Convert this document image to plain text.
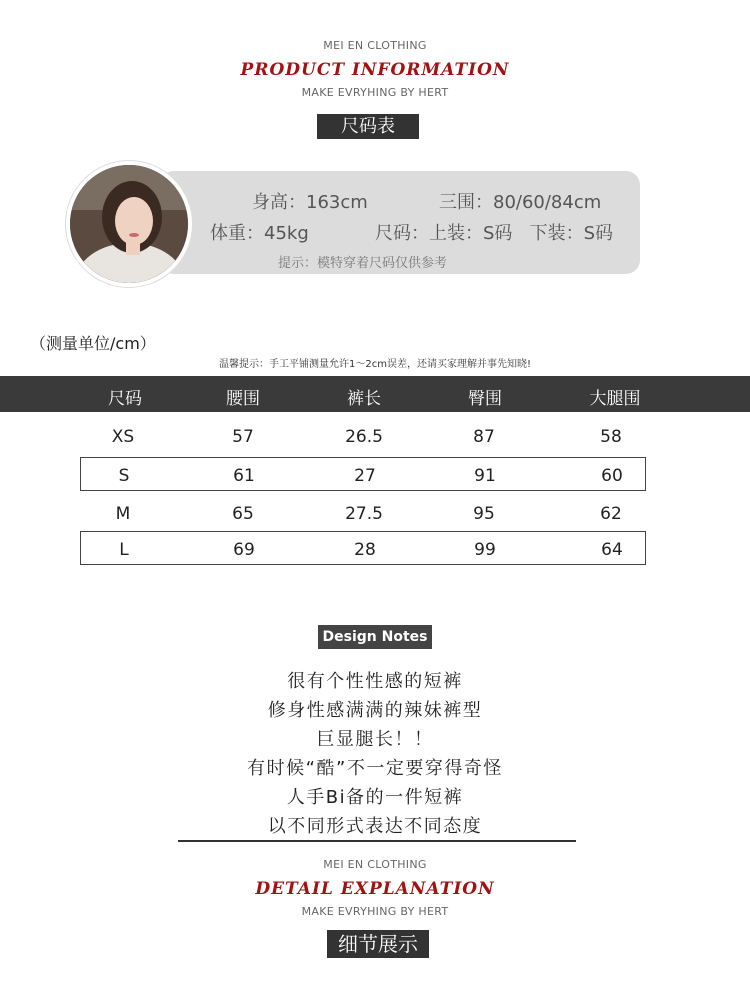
MEI EN CLOTHING
PRODUCT INFORMATION
MAKE EVRYHING BY HERT
尺码表
身高：163cm	三围：80/60/84cm
体重：45kg	尺码：上装：S码   下装：S码
提示：模特穿着尺码仅供参考
（测量单位/cm）
温馨提示：手工平铺测量允许1～2cm误差，还请买家理解并事先知晓!
尺码	腰围	裤长	臀围	大腿围
XS	57	26.5	87	58
S	61	27	91	60
M	65	27.5	95	62
L	69	28	99	64
Design Notes
很有个性性感的短裤
修身性感满满的辣妹裤型
巨显腿长！！
有时候“酷”不一定要穿得奇怪
人手Bi备的一件短裤
以不同形式表达不同态度
MEI EN CLOTHING
DETAIL EXPLANATION
MAKE EVRYHING BY HERT
细节展示
